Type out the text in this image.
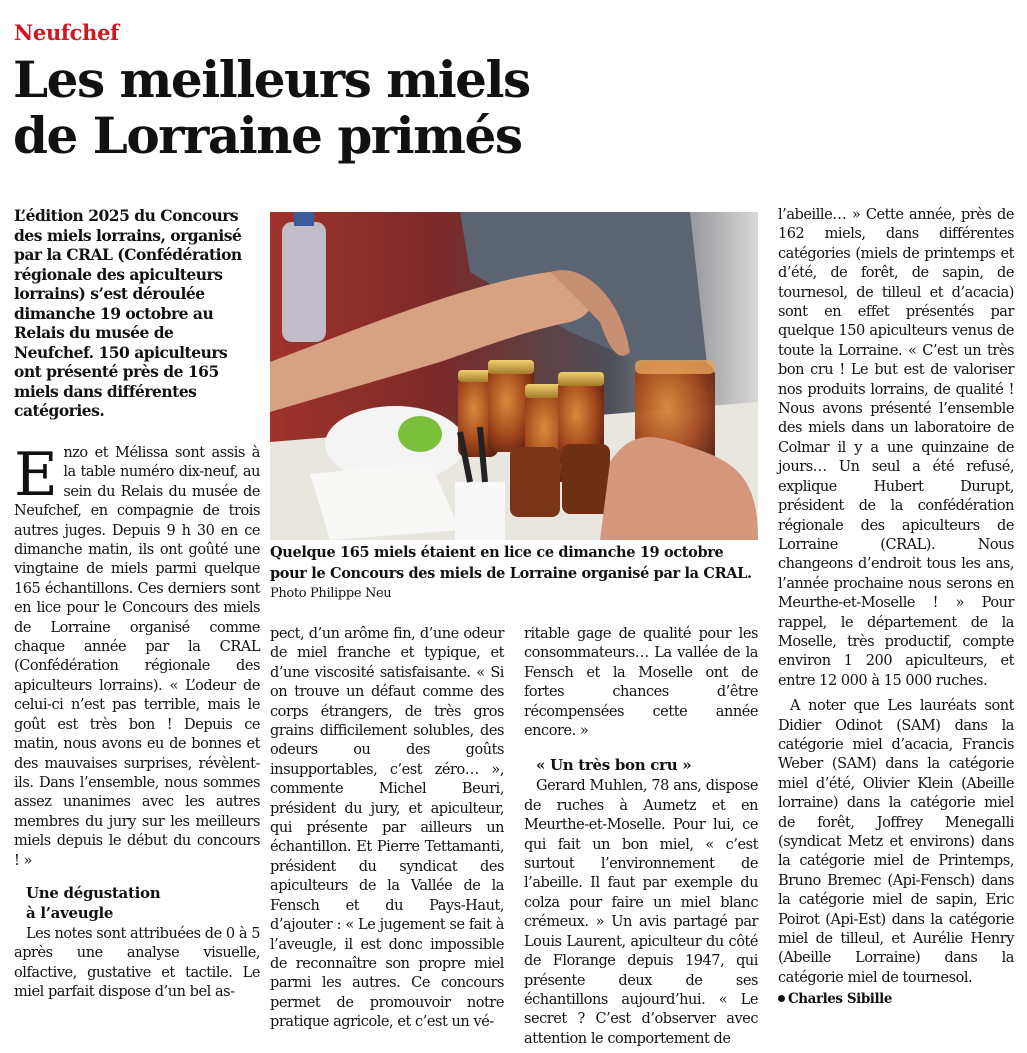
Neufchef
Les meilleurs miels
de Lorraine primés
L’édition 2025 du Concours des miels lorrains, organisé par la CRAL (Confédération régionale des apiculteurs lorrains) s’est déroulée dimanche 19 octobre au Relais du musée de Neufchef. 150 apiculteurs ont présenté près de 165 miels dans différentes catégories.
Enzo et Mélissa sont assis à la table numéro dix-neuf, au sein du Relais du musée de Neufchef, en compagnie de trois autres juges. Depuis 9 h 30 en ce dimanche matin, ils ont goûté une vingtaine de miels parmi quelque 165 échantillons. Ces derniers sont en lice pour le Concours des miels de Lorraine organisé comme chaque année par la CRAL (Confédération régionale des apiculteurs lorrains). « L’odeur de celui-ci n’est pas terrible, mais le goût est très bon ! Depuis ce matin, nous avons eu de bonnes et des mauvaises surprises, révèlent-ils. Dans l’ensemble, nous sommes assez unanimes avec les autres membres du jury sur les meilleurs miels depuis le début du concours ! »
Une dégustation
à l’aveugle
Les notes sont attribuées de 0 à 5 après une analyse visuelle, olfactive, gustative et tactile. Le miel parfait dispose d’un bel as-
Quelque 165 miels étaient en lice ce dimanche 19 octobre pour le Concours des miels de Lorraine organisé par la CRAL. Photo Philippe Neu
pect, d’un arôme fin, d’une odeur de miel franche et typique, et d’une viscosité satisfaisante. « Si on trouve un défaut comme des corps étrangers, de très gros grains difficilement solubles, des odeurs ou des goûts insupportables, c’est zéro… », commente Michel Beuri, président du jury, et apiculteur, qui présente par ailleurs un échantillon. Et Pierre Tettamanti, président du syndicat des apiculteurs de la Vallée de la Fensch et du Pays-Haut, d’ajouter : « Le jugement se fait à l’aveugle, il est donc impossible de reconnaître son propre miel parmi les autres. Ce concours permet de promouvoir notre pratique agricole, et c’est un vé-
ritable gage de qualité pour les consommateurs… La vallée de la Fensch et la Moselle ont de fortes chances d’être récompensées cette année encore. »
« Un très bon cru »
Gerard Muhlen, 78 ans, dispose de ruches à Aumetz et en Meurthe-et-Moselle. Pour lui, ce qui fait un bon miel, « c’est surtout l’environnement de l’abeille. Il faut par exemple du colza pour faire un miel blanc crémeux. » Un avis partagé par Louis Laurent, apiculteur du côté de Florange depuis 1947, qui présente deux de ses échantillons aujourd’hui. « Le secret ? C’est d’observer avec attention le comportement de
l’abeille… » Cette année, près de 162 miels, dans différentes catégories (miels de printemps et d’été, de forêt, de sapin, de tournesol, de tilleul et d’acacia) sont en effet présentés par quelque 150 apiculteurs venus de toute la Lorraine. « C’est un très bon cru ! Le but est de valoriser nos produits lorrains, de qualité ! Nous avons présenté l’ensemble des miels dans un laboratoire de Colmar il y a une quinzaine de jours… Un seul a été refusé, explique Hubert Durupt, président de la confédération régionale des apiculteurs de Lorraine (CRAL). Nous changeons d’endroit tous les ans, l’année prochaine nous serons en Meurthe-et-Moselle ! » Pour rappel, le département de la Moselle, très productif, compte environ 1 200 apiculteurs, et entre 12 000 à 15 000 ruches.
A noter que Les lauréats sont Didier Odinot (SAM) dans la catégorie miel d’acacia, Francis Weber (SAM) dans la catégorie miel d’été, Olivier Klein (Abeille lorraine) dans la catégorie miel de forêt, Joffrey Menegalli (syndicat Metz et environs) dans la catégorie miel de Printemps, Bruno Bremec (Api-Fensch) dans la catégorie miel de sapin, Eric Poirot (Api-Est) dans la catégorie miel de tilleul, et Aurélie Henry (Abeille Lorraine) dans la catégorie miel de tournesol.
Charles Sibille
